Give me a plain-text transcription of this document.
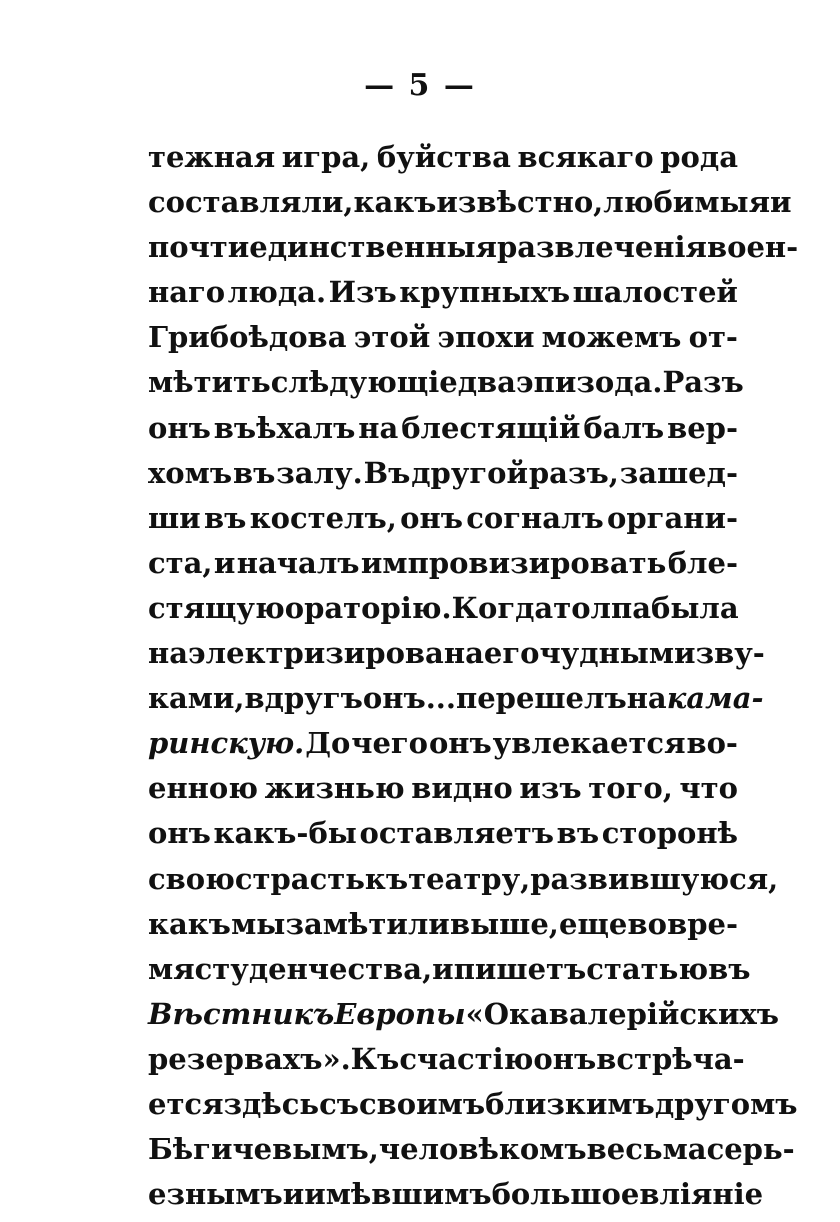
— 5 —
тежная игра, буйства всякаго рода
составляли, какъ извѣстно, любимыя и
почти единственныя развлеченія воен-
наго люда. Изъ крупныхъ шалостей
Грибоѣдова этой эпохи можемъ от-
мѣтить слѣдующіе два эпизода. Разъ
онъ въѣхалъ на блестящій балъ вер-
хомъ въ залу. Въ другой разъ, зашед-
ши въ костелъ, онъ согналъ органи-
ста, и началъ импровизировать бле-
стящую ораторію. Когда толпа была
наэлектризирована его чудными зву-
ками, вдругъ онъ... перешелъ на кама-
ринскую. До чего онъ увлекается во-
енною жизнью видно изъ того, что
онъ какъ-бы оставляетъ въ сторонѣ
свою страсть къ театру, развившуюся,
какъ мы замѣтили выше, еще во вре-
мя студенчества, и пишетъ статью въ
Вѣстникъ Европы «О кавалерійскихъ
резервахъ». Къ счастію онъ встрѣча-
ется здѣсь съ своимъ близкимъ другомъ
Бѣгичевымъ, человѣкомъ весьма серь-
езнымъ и имѣвшимъ большое вліяніе
